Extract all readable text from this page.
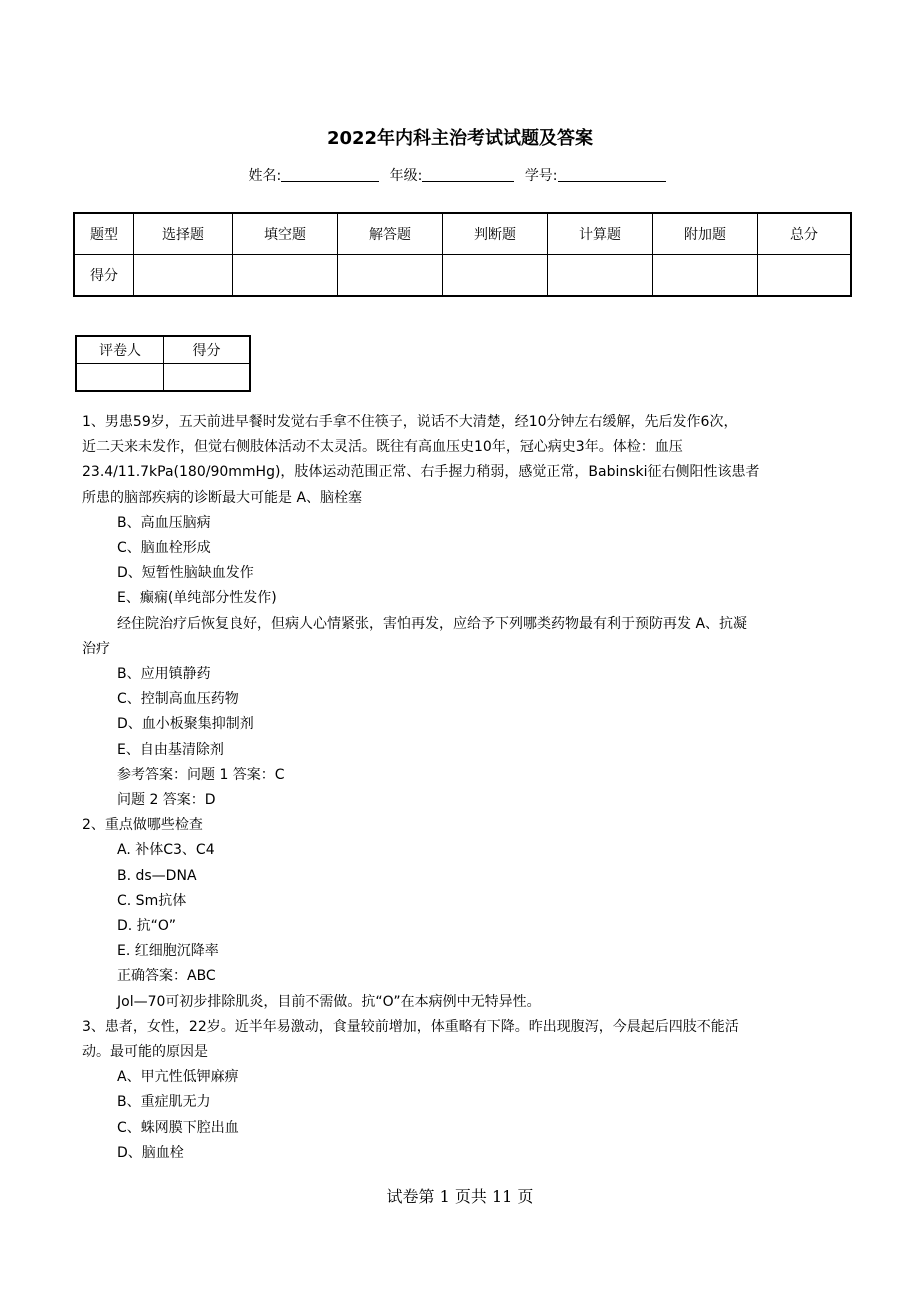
2022年内科主治考试试题及答案
姓名:	年级:	学号:
题型	选择题	填空题	解答题	判断题	计算题	附加题	总分
得分							
评卷人	得分

1、男患59岁，五天前进早餐时发觉右手拿不住筷子，说话不大清楚，经10分钟左右缓解，先后发作6次，

近二天来未发作，但觉右侧肢体活动不太灵活。既往有高血压史10年，冠心病史3年。体检：血压

23.4/11.7kPa(180/90mmHg)，肢体运动范围正常、右手握力稍弱，感觉正常，Babinski征右侧阳性该患者

所患的脑部疾病的诊断最大可能是 A、脑栓塞

B、高血压脑病

C、脑血栓形成

D、短暂性脑缺血发作

E、癫痫(单纯部分性发作)

经住院治疗后恢复良好，但病人心情紧张，害怕再发，应给予下列哪类药物最有利于预防再发 A、抗凝

治疗

B、应用镇静药

C、控制高血压药物

D、血小板聚集抑制剂

E、自由基清除剂

参考答案：问题 1 答案：C

问题 2 答案：D

2、重点做哪些检查

A. 补体C3、C4

B. ds—DNA

C. Sm抗体

D. 抗“O”

E. 红细胞沉降率

正确答案：ABC

Jol—70可初步排除肌炎，目前不需做。抗“O”在本病例中无特异性。

3、患者，女性，22岁。近半年易激动，食量较前增加，体重略有下降。昨出现腹泻，今晨起后四肢不能活

动。最可能的原因是

A、甲亢性低钾麻痹

B、重症肌无力

C、蛛网膜下腔出血

D、脑血栓

试卷第 1 页共 11 页
